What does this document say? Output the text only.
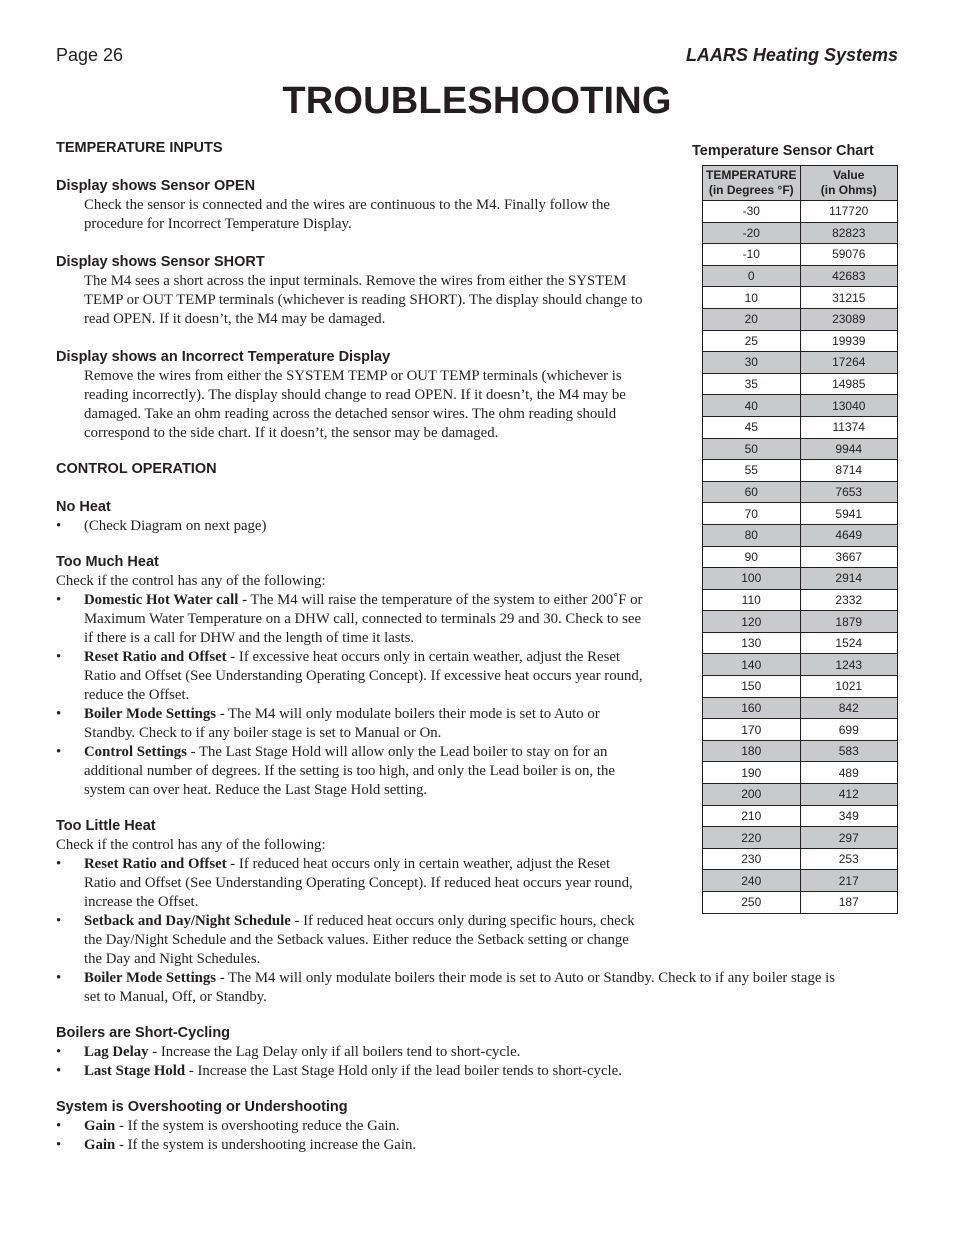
Page 26	LAARS Heating Systems
TROUBLESHOOTING
TEMPERATURE INPUTS
Display shows Sensor OPEN
Check the sensor is connected and the wires are continuous to the M4. Finally follow the
procedure for Incorrect Temperature Display.
Display shows Sensor SHORT
The M4 sees a short across the input terminals. Remove the wires from either the SYSTEM
TEMP or OUT TEMP terminals (whichever is reading SHORT). The display should change to
read OPEN. If it doesn’t, the M4 may be damaged.
Display shows an Incorrect Temperature Display
Remove the wires from either the SYSTEM TEMP or OUT TEMP terminals (whichever is
reading incorrectly). The display should change to read OPEN. If it doesn’t, the M4 may be
damaged. Take an ohm reading across the detached sensor wires. The ohm reading should
correspond to the side chart. If it doesn’t, the sensor may be damaged.
CONTROL OPERATION
No Heat
• (Check Diagram on next page)
Too Much Heat
Check if the control has any of the following:
• Domestic Hot Water call - The M4 will raise the temperature of the system to either 200˚F or
Maximum Water Temperature on a DHW call, connected to terminals 29 and 30. Check to see
if there is a call for DHW and the length of time it lasts.
• Reset Ratio and Offset - If excessive heat occurs only in certain weather, adjust the Reset
Ratio and Offset (See Understanding Operating Concept). If excessive heat occurs year round,
reduce the Offset.
• Boiler Mode Settings - The M4 will only modulate boilers their mode is set to Auto or
Standby. Check to if any boiler stage is set to Manual or On.
• Control Settings - The Last Stage Hold will allow only the Lead boiler to stay on for an
additional number of degrees. If the setting is too high, and only the Lead boiler is on, the
system can over heat. Reduce the Last Stage Hold setting.
Too Little Heat
Check if the control has any of the following:
• Reset Ratio and Offset - If reduced heat occurs only in certain weather, adjust the Reset
Ratio and Offset (See Understanding Operating Concept). If reduced heat occurs year round,
increase the Offset.
• Setback and Day/Night Schedule - If reduced heat occurs only during specific hours, check
the Day/Night Schedule and the Setback values. Either reduce the Setback setting or change
the Day and Night Schedules.
• Boiler Mode Settings - The M4 will only modulate boilers their mode is set to Auto or Standby. Check to if any boiler stage is
set to Manual, Off, or Standby.
Boilers are Short-Cycling
• Lag Delay - Increase the Lag Delay only if all boilers tend to short-cycle.
• Last Stage Hold - Increase the Last Stage Hold only if the lead boiler tends to short-cycle.
System is Overshooting or Undershooting
• Gain - If the system is overshooting reduce the Gain.
• Gain - If the system is undershooting increase the Gain.
Temperature Sensor Chart
TEMPERATURE
(in Degrees °F)	Value
(in Ohms)
-30	117720
-20	82823
-10	59076
0	42683
10	31215
20	23089
25	19939
30	17264
35	14985
40	13040
45	11374
50	9944
55	8714
60	7653
70	5941
80	4649
90	3667
100	2914
110	2332
120	1879
130	1524
140	1243
150	1021
160	842
170	699
180	583
190	489
200	412
210	349
220	297
230	253
240	217
250	187
